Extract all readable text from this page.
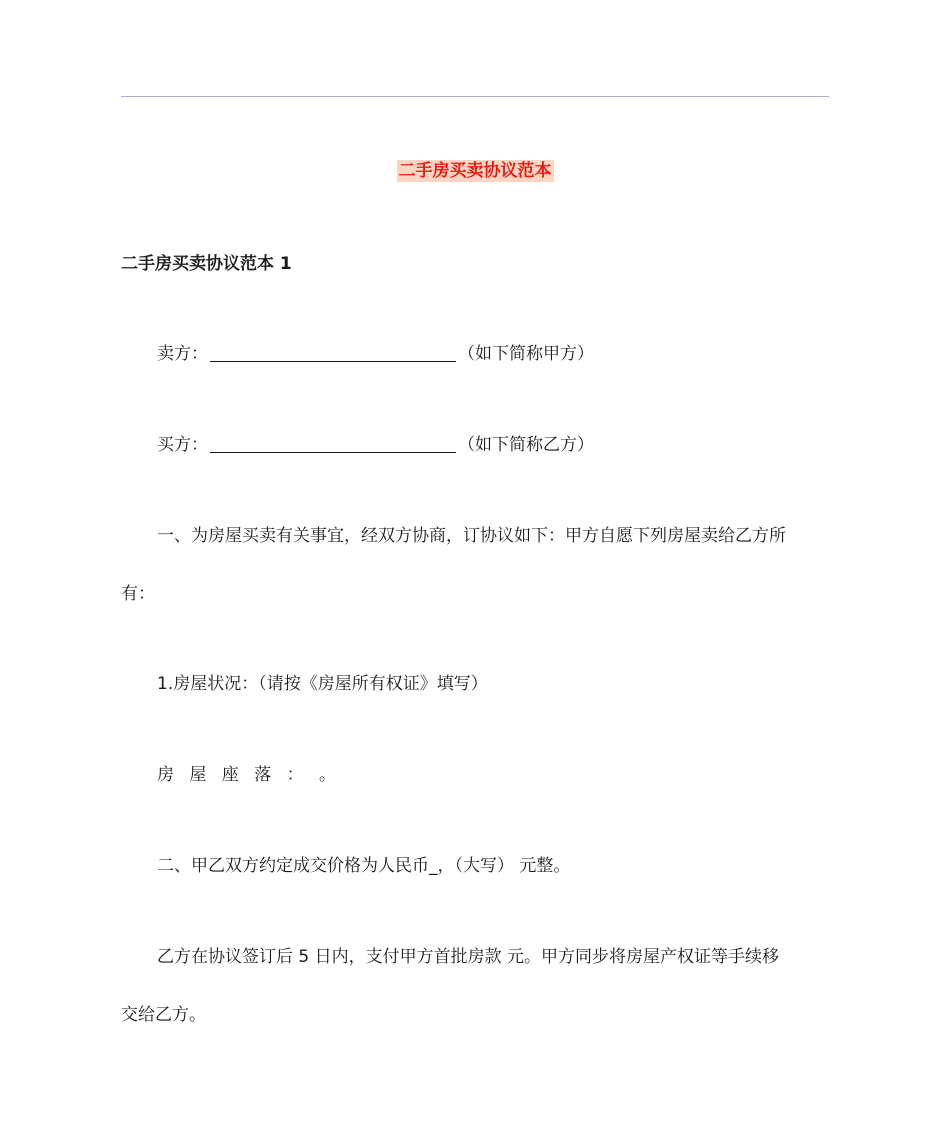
二手房买卖协议范本
二手房买卖协议范本 1
卖方：	（如下简称甲方）
买方：	（如下简称乙方）
一、为房屋买卖有关事宜，经双方协商，订协议如下：甲方自愿下列房屋卖给乙方所
有：
1.房屋状况：（请按《房屋所有权证》填写）
房 屋 座 落 ： 。
二、甲乙双方约定成交价格为人民币_，（大写） 元整。
乙方在协议签订后 5 日内，支付甲方首批房款 元。甲方同步将房屋产权证等手续移
交给乙方。
